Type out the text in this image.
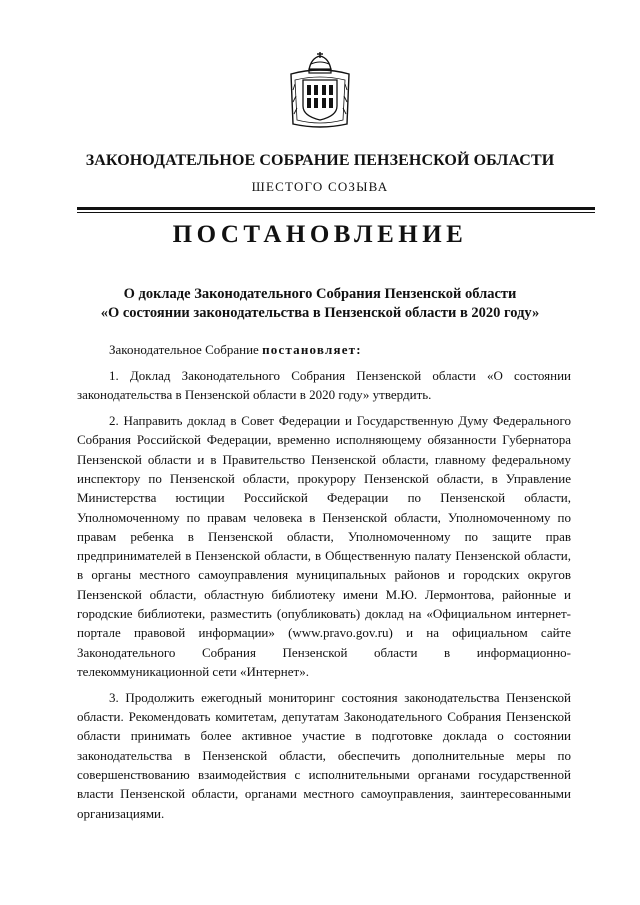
ЗАКОНОДАТЕЛЬНОЕ СОБРАНИЕ ПЕНЗЕНСКОЙ ОБЛАСТИ
ШЕСТОГО СОЗЫВА
ПОСТАНОВЛЕНИЕ
О докладе Законодательного Собрания Пензенской области
«О состоянии законодательства в Пензенской области в 2020 году»
Законодательное Собрание постановляет:
1. Доклад Законодательного Собрания Пензенской области «О состоянии
законодательства в Пензенской области в 2020 году» утвердить.
2. Направить доклад в Совет Федерации и Государственную Думу Федерального
Собрания Российской Федерации, временно исполняющему обязанности Губернатора
Пензенской области и в Правительство Пензенской области, главному федеральному
инспектору по Пензенской области, прокурору Пензенской области, в Управление
Министерства юстиции Российской Федерации по Пензенской области,
Уполномоченному по правам человека в Пензенской области, Уполномоченному по
правам ребенка в Пензенской области, Уполномоченному по защите прав
предпринимателей в Пензенской области, в Общественную палату Пензенской области,
в органы местного самоуправления муниципальных районов и городских округов
Пензенской области, областную библиотеку имени М.Ю. Лермонтова, районные и
городские библиотеки, разместить (опубликовать) доклад на «Официальном интернет-
портале правовой информации» (www.pravo.gov.ru) и на официальном сайте
Законодательного Собрания Пензенской области в информационно-
телекоммуникационной сети «Интернет».
3. Продолжить ежегодный мониторинг состояния законодательства Пензенской
области. Рекомендовать комитетам, депутатам Законодательного Собрания Пензенской
области принимать более активное участие в подготовке доклада о состоянии
законодательства в Пензенской области, обеспечить дополнительные меры по
совершенствованию взаимодействия с исполнительными органами государственной
власти Пензенской области, органами местного самоуправления, заинтересованными
организациями.
